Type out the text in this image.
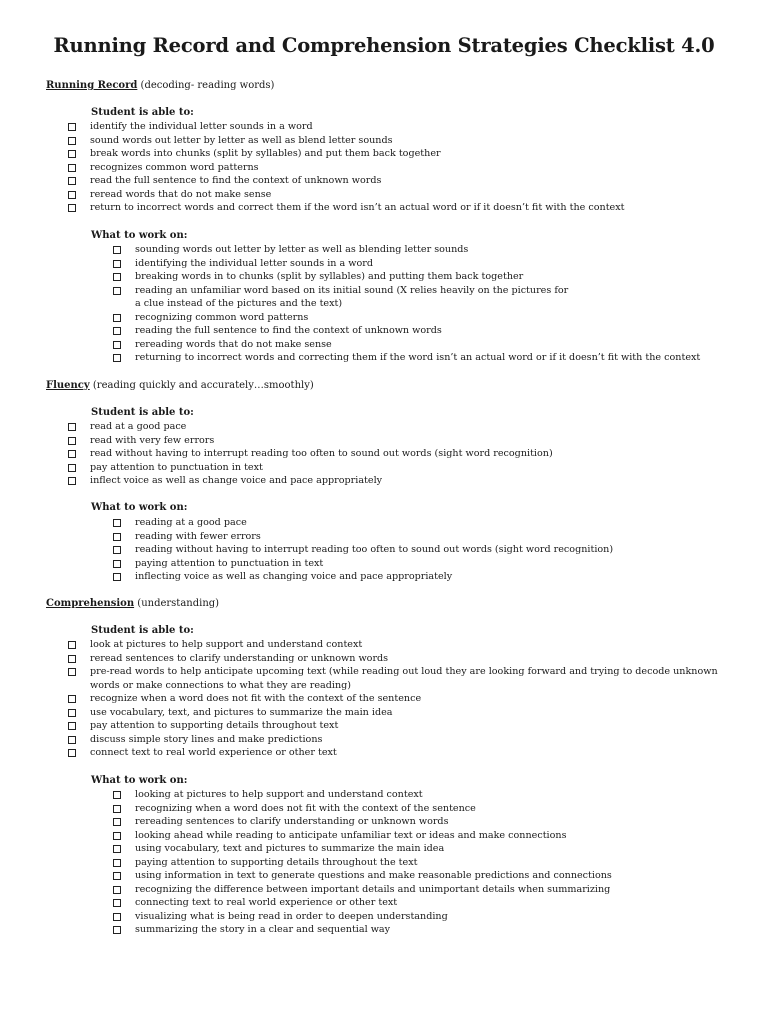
Running Record and Comprehension Strategies Checklist 4.0
Running Record (decoding- reading words)
Student is able to:
identify the individual letter sounds in a word
sound words out letter by letter as well as blend letter sounds
break words into chunks (split by syllables) and put them back together
recognizes common word patterns
read the full sentence to find the context of unknown words
reread words that do not make sense
return to incorrect words and correct them if the word isn’t an actual word or if it doesn’t fit with the context
What to work on:
sounding words out letter by letter as well as blending letter sounds
identifying the individual letter sounds in a word
breaking words in to chunks (split by syllables) and putting them back together
reading an unfamiliar word based on its initial sound (X relies heavily on the pictures for
a clue instead of the pictures and the text)
recognizing common word patterns
reading the full sentence to find the context of unknown words
rereading words that do not make sense
returning to incorrect words and correcting them if the word isn’t an actual word or if it doesn’t fit with the context
Fluency (reading quickly and accurately…smoothly)
Student is able to:
read at a good pace
read with very few errors
read without having to interrupt reading too often to sound out words (sight word recognition)
pay attention to punctuation in text
inflect voice as well as change voice and pace appropriately
What to work on:
reading at a good pace
reading with fewer errors
reading without having to interrupt reading too often to sound out words (sight word recognition)
paying attention to punctuation in text
inflecting voice as well as changing voice and pace appropriately
Comprehension (understanding)
Student is able to:
look at pictures to help support and understand context
reread sentences to clarify understanding or unknown words
pre-read words to help anticipate upcoming text (while reading out loud they are looking forward and trying to decode unknown
words or make connections to what they are reading)
recognize when a word does not fit with the context of the sentence
use vocabulary, text, and pictures to summarize the main idea
pay attention to supporting details throughout text
discuss simple story lines and make predictions
connect text to real world experience or other text
What to work on:
looking at pictures to help support and understand context
recognizing when a word does not fit with the context of the sentence
rereading sentences to clarify understanding or unknown words
looking ahead while reading to anticipate unfamiliar text or ideas and make connections
using vocabulary, text and pictures to summarize the main idea
paying attention to supporting details throughout the text
using information in text to generate questions and make reasonable predictions and connections
recognizing the difference between important details and unimportant details when summarizing
connecting text to real world experience or other text
visualizing what is being read in order to deepen understanding
summarizing the story in a clear and sequential way
